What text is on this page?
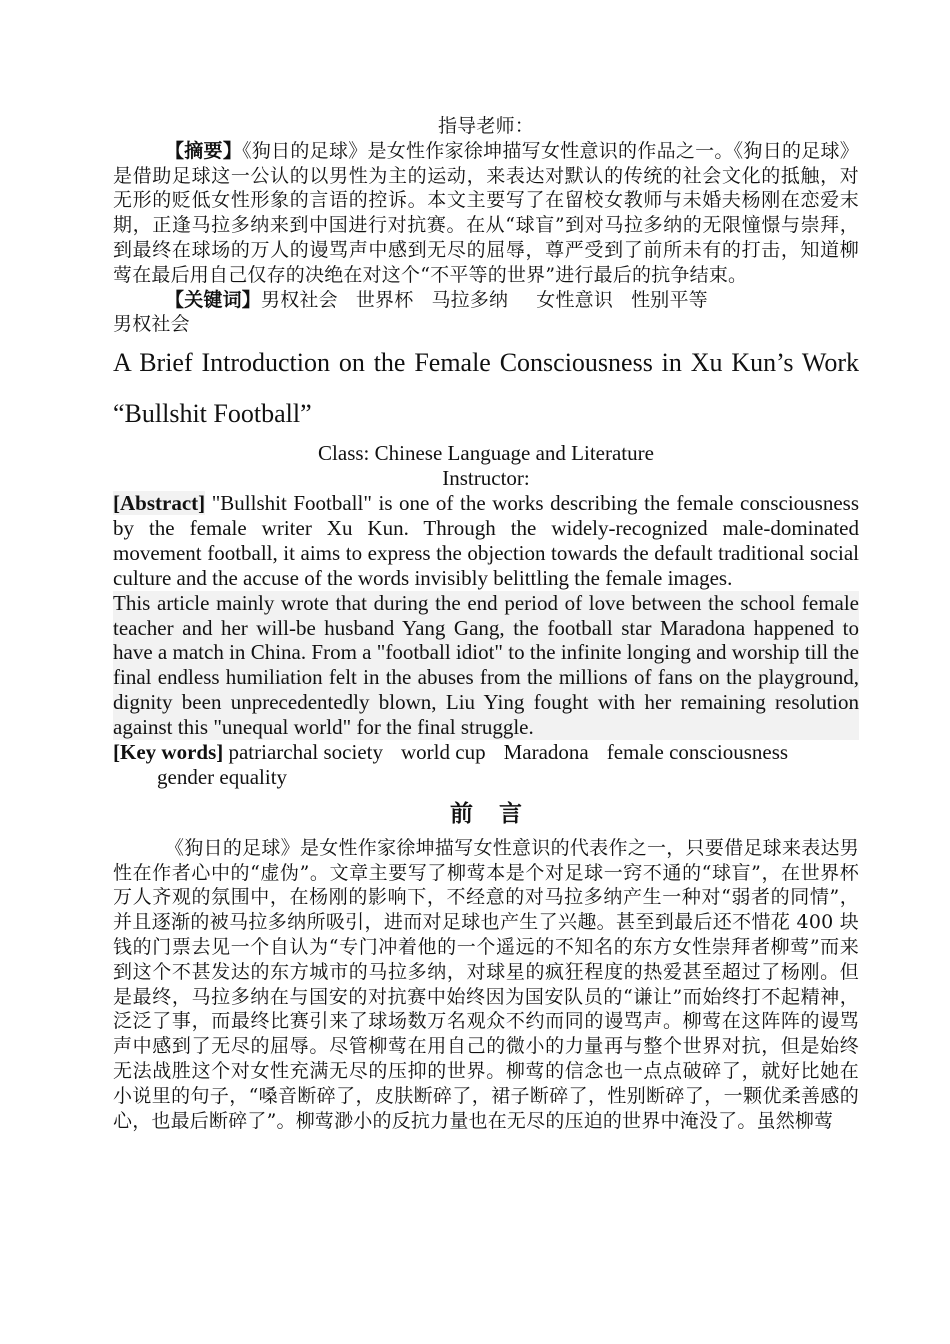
指导老师：
【摘要】《狗日的足球》是女性作家徐坤描写女性意识的作品之一。《狗日的足球》是借助足球这一公认的以男性为主的运动，来表达对默认的传统的社会文化的抵触，对无形的贬低女性形象的言语的控诉。本文主要写了在留校女教师与未婚夫杨刚在恋爱末期，正逢马拉多纳来到中国进行对抗赛。在从“球盲”到对马拉多纳的无限憧憬与崇拜，到最终在球场的万人的谩骂声中感到无尽的屈辱，尊严受到了前所未有的打击，知道柳莺在最后用自己仅存的决绝在对这个“不平等的世界”进行最后的抗争结束。
【关键词】男权社会 世界杯 马拉多纳 女性意识 性别平等
男权社会
A Brief Introduction on the Female Consciousness in Xu Kun’s Work
“Bullshit Football”
Class: Chinese Language and Literature
Instructor:
[Abstract] "Bullshit Football" is one of the works describing the female consciousness by the female writer Xu Kun. Through the widely-recognized male-dominated movement football, it aims to express the objection towards the default traditional social culture and the accuse of the words invisibly belittling the female images.
This article mainly wrote that during the end period of love between the school female teacher and her will-be husband Yang Gang, the football star Maradona happened to have a match in China. From a "football idiot" to the infinite longing and worship till the final endless humiliation felt in the abuses from the millions of fans on the playground, dignity been unprecedentedly blown, Liu Ying fought with her remaining resolution against this "unequal world" for the final struggle.
[Key words] patriarchal society world cup Maradona female consciousness
gender equality
前言
《狗日的足球》是女性作家徐坤描写女性意识的代表作之一，只要借足球来表达男性在作者心中的“虚伪”。文章主要写了柳莺本是个对足球一窍不通的“球盲”，在世界杯万人齐观的氛围中，在杨刚的影响下，不经意的对马拉多纳产生一种对“弱者的同情”，并且逐渐的被马拉多纳所吸引，进而对足球也产生了兴趣。甚至到最后还不惜花 400 块钱的门票去见一个自认为“专门冲着他的一个遥远的不知名的东方女性崇拜者柳莺”而来到这个不甚发达的东方城市的马拉多纳，对球星的疯狂程度的热爱甚至超过了杨刚。但是最终，马拉多纳在与国安的对抗赛中始终因为国安队员的“谦让”而始终打不起精神，泛泛了事，而最终比赛引来了球场数万名观众不约而同的谩骂声。柳莺在这阵阵的谩骂声中感到了无尽的屈辱。尽管柳莺在用自己的微小的力量再与整个世界对抗，但是始终无法战胜这个对女性充满无尽的压抑的世界。柳莺的信念也一点点破碎了，就好比她在小说里的句子，“嗓音断碎了，皮肤断碎了，裙子断碎了，性别断碎了，一颗优柔善感的心，也最后断碎了”。柳莺渺小的反抗力量也在无尽的压迫的世界中淹没了。虽然柳莺
